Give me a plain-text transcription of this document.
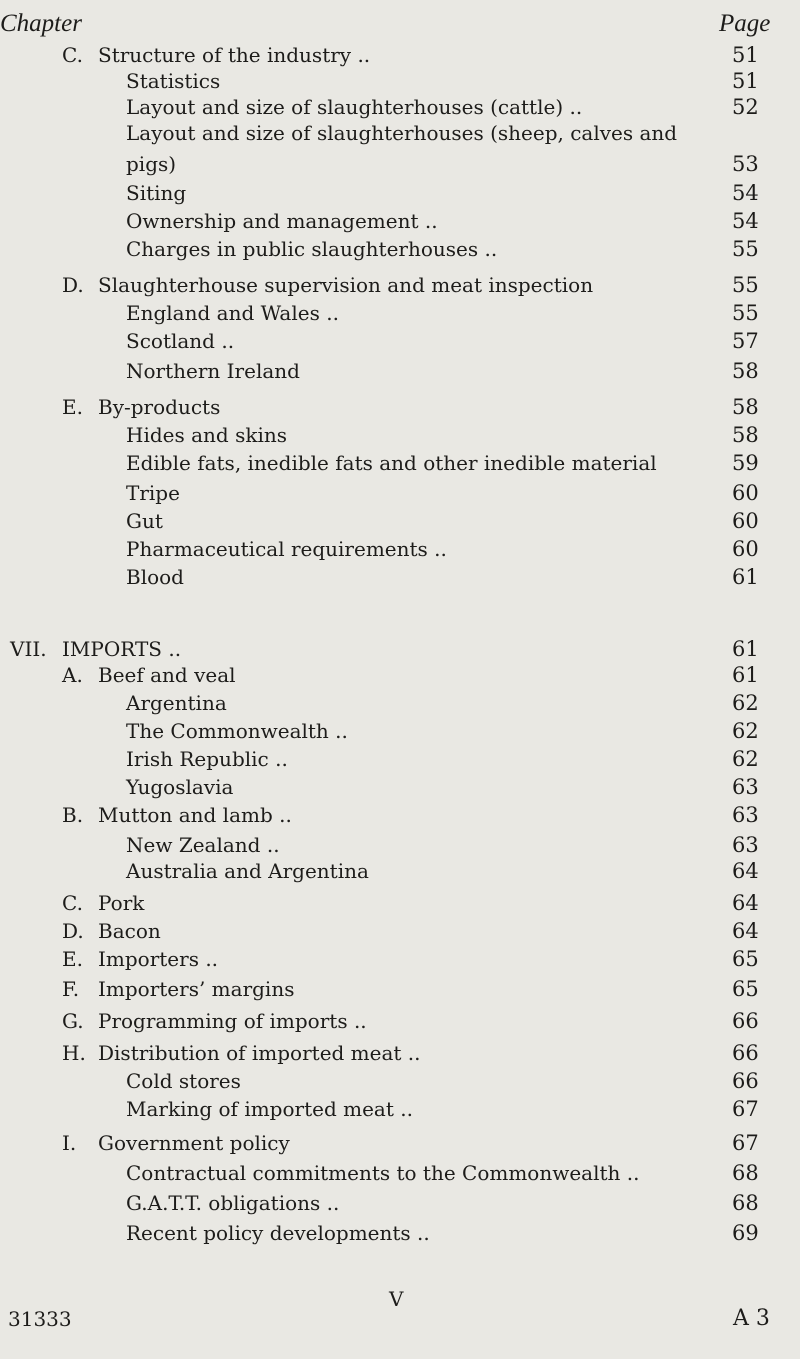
Chapter	Page
C. Structure of the industry ..	51
Statistics	51
Layout and size of slaughterhouses (cattle) ..	52
Layout and size of slaughterhouses (sheep, calves and
pigs)	53
Siting	54
Ownership and management ..	54
Charges in public slaughterhouses ..	55
D. Slaughterhouse supervision and meat inspection	55
England and Wales ..	55
Scotland ..	57
Northern Ireland	58
E. By-products	58
Hides and skins	58
Edible fats, inedible fats and other inedible material	59
Tripe	60
Gut	60
Pharmaceutical requirements ..	60
Blood	61
VII. IMPORTS ..	61
A. Beef and veal	61
Argentina	62
The Commonwealth ..	62
Irish Republic ..	62
Yugoslavia	63
B. Mutton and lamb ..	63
New Zealand ..	63
Australia and Argentina	64
C. Pork	64
D. Bacon	64
E. Importers ..	65
F. Importers’ margins	65
G. Programming of imports ..	66
H. Distribution of imported meat ..	66
Cold stores	66
Marking of imported meat ..	67
I. Government policy	67
Contractual commitments to the Commonwealth ..	68
G.A.T.T. obligations ..	68
Recent policy developments ..	69
31333
V
A 3
